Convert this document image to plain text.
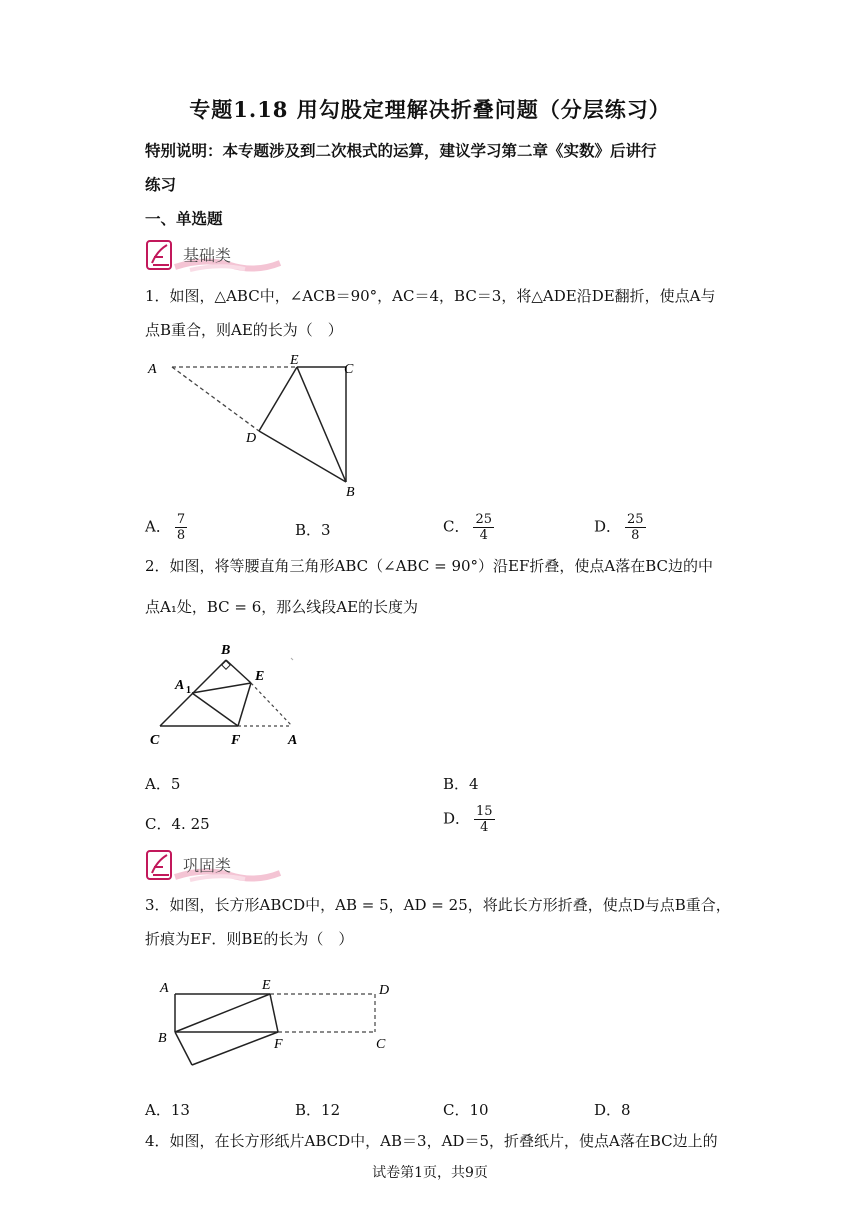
专题1.18 用勾股定理解决折叠问题（分层练习）
特别说明：本专题涉及到二次根式的运算，建议学习第二章《实数》后讲行
练习
一、单选题
基础类
1．如图，△ABC中，∠ACB＝90°，AC＝4，BC＝3，将△ADE沿DE翻折，使点A与
点B重合，则AE的长为（　）
A
E
C
D
B
A． $\frac{7}{8}$	B．3	C． $\frac{25}{4}$	D． $\frac{25}{8}$
2．如图，将等腰直角三角形ABC（∠ABC = 90°）沿EF折叠，使点A落在BC边的中
点A₁处，BC = 6，那么线段AE的长度为
B
E
A 1
C	F	A
A．5	B．4
C．4. 25	D． $\frac{15}{4}$
巩固类
3．如图，长方形ABCD中，AB = 5，AD = 25，将此长方形折叠，使点D与点B重合，
折痕为EF．则BE的长为（　）
A	E	D
B	F	C
A．13	B．12	C．10	D．8
4．如图，在长方形纸片ABCD中，AB＝3，AD＝5，折叠纸片，使点A落在BC边上的
试卷第1页，共9页
